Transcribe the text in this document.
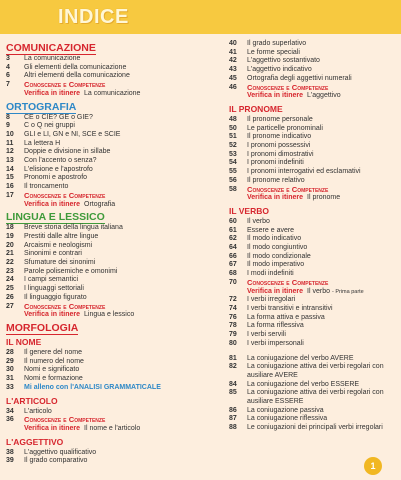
INDICE
COMUNICAZIONE
3	La comunicazione
4	Gli elementi della comunicazione
6	Altri elementi della comunicazione
7	Conoscenze e Competenze
Verifica in itinere La comunicazione
ORTOGRAFIA
8	CE o CIE? GE o GIE?
9	C o Q nei gruppi
10	GLI e LI, GN e NI, SCE e SCIE
11	La lettera H
12	Doppie e divisione in sillabe
13	Con l'accento o senza?
14	L'elisione e l'apostrofo
15	Pronomi e apostrofo
16	Il troncamento
17	Conoscenze e Competenze
Verifica in itinere Ortografia
LINGUA E LESSICO
18	Breve storia della lingua italiana
19	Prestiti dalle altre lingue
20	Arcaismi e neologismi
21	Sinonimi e contrari
22	Sfumature dei sinonimi
23	Parole polisemiche e omonimi
24	I campi semantici
25	I linguaggi settoriali
26	Il linguaggio figurato
27	Conoscenze e Competenze
Verifica in itinere Lingua e lessico
MORFOLOGIA
IL NOME
28	Il genere del nome
29	Il numero del nome
30	Nomi e significato
31	Nomi e formazione
33	Mi alleno con l'ANALISI GRAMMATICALE
L'ARTICOLO
34	L'articolo
36	Conoscenze e Competenze
Verifica in itinere Il nome e l'articolo
L'AGGETTIVO
38	L'aggettivo qualificativo
39	Il grado comparativo
40	Il grado superlativo
41	Le forme speciali
42	L'aggettivo sostantivato
43	L'aggettivo indicativo
45	Ortografia degli aggettivi numerali
46	Conoscenze e Competenze
Verifica in itinere L'aggettivo
IL PRONOME
48	Il pronome personale
50	Le particelle pronominali
51	Il pronome indicativo
52	I pronomi possessivi
53	I pronomi dimostrativi
54	I pronomi indefiniti
55	I pronomi interrogativi ed esclamativi
56	Il pronome relativo
58	Conoscenze e Competenze
Verifica in itinere Il pronome
IL VERBO
60	Il verbo
61	Essere e avere
62	Il modo indicativo
64	Il modo congiuntivo
66	Il modo condizionale
67	Il modo imperativo
68	I modi indefiniti
70	Conoscenze e Competenze
Verifica in itinere Il verbo - Prima parte
72	I verbi irregolari
74	I verbi transitivi e intransitivi
76	La forma attiva e passiva
78	La forma riflessiva
79	I verbi servili
80	I verbi impersonali
81	La coniugazione del verbo AVERE
82	La coniugazione attiva dei verbi regolari con ausiliare AVERE
84	La coniugazione del verbo ESSERE
85	La coniugazione attiva dei verbi regolari con ausiliare ESSERE
86	La coniugazione passiva
87	La coniugazione riflessiva
88	Le coniugazioni dei principali verbi irregolari
1
